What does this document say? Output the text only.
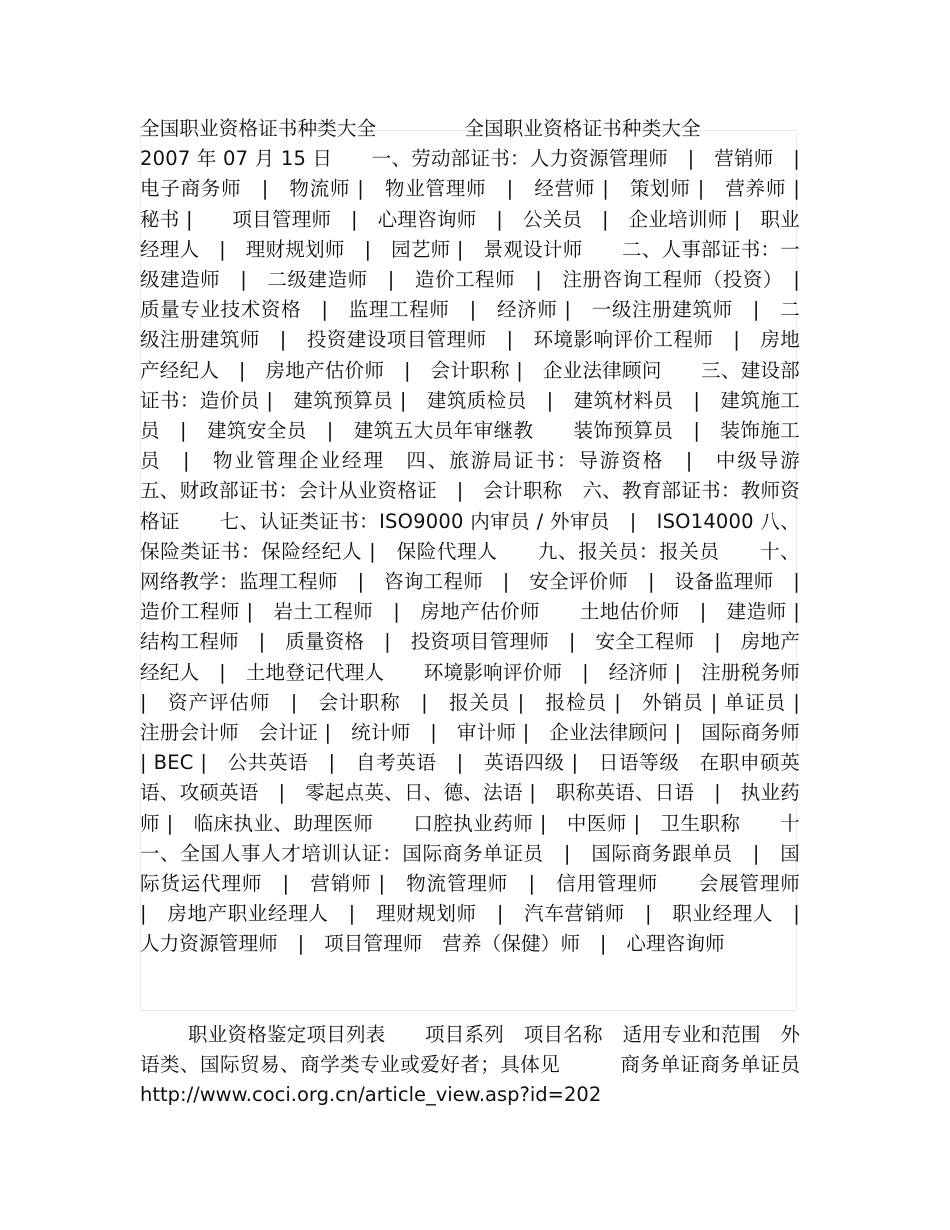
全国职业资格证书种类大全	全国职业资格证书种类大全

2007 年 07 月 15 日　　一、劳动部证书：人力资源管理师　|　营销师　|　电子商务师　|　物流师 |　物业管理师　|　经营师 |　策划师 |　营养师 |　秘书 |　　项目管理师　|　心理咨询师　|　公关员　|　企业培训师 |　职业经理人　|　理财规划师　|　园艺师 |　景观设计师　　二、人事部证书：一级建造师　|　二级建造师　|　造价工程师　|　注册咨询工程师（投资）　|　质量专业技术资格　|　监理工程师　|　经济师 |　一级注册建筑师　|　二级注册建筑师　|　投资建设项目管理师　|　环境影响评价工程师　|　房地产经纪人　|　房地产估价师　|　会计职称 |　企业法律顾问　　三、建设部证书：造价员 |　建筑预算员 |　建筑质检员　|　建筑材料员　|　建筑施工员　|　建筑安全员　|　建筑五大员年审继教　　装饰预算员　|　装饰施工员　|　物业管理企业经理　四、旅游局证书：导游资格　|　中级导游　　五、财政部证书：会计从业资格证　|　会计职称　六、教育部证书：教师资格证　　七、认证类证书：ISO9000 内审员 / 外审员　|　ISO14000 八、保险类证书：保险经纪人 |　保险代理人　　九、报关员：报关员　　十、网络教学：监理工程师　|　咨询工程师　|　安全评价师　|　设备监理师　|　造价工程师 |　岩土工程师　|　房地产估价师　　土地估价师　|　建造师 |　结构工程师　|　质量资格　|　投资项目管理师　|　安全工程师　|　房地产经纪人　|　土地登记代理人　　环境影响评价师　|　经济师 |　注册税务师　|　资产评估师　|　会计职称　|　报关员 |　报检员 |　外销员 | 单证员 |　注册会计师　会计证 |　统计师　|　审计师 |　企业法律顾问 |　国际商务师　| BEC |　公共英语　|　自考英语　|　英语四级 |　日语等级　在职申硕英语、攻硕英语　|　零起点英、日、德、法语 |　职称英语、日语　|　执业药师 |　临床执业、助理医师　　口腔执业药师 |　中医师 |　卫生职称　　十一、全国人事人才培训认证：国际商务单证员　|　国际商务跟单员　|　国际货运代理师　|　营销师 |　物流管理师　|　信用管理师　　会展管理师　|　房地产职业经理人　|　理财规划师　|　汽车营销师　|　职业经理人　|　人力资源管理师　|　项目管理师　营养（保健）师　|　心理咨询师

职业资格鉴定项目列表　　项目系列　项目名称　适用专业和范围　外语类、国际贸易、商学类专业或爱好者；具体见　　　商务单证商务单证员　　http://www.coci.org.cn/article_view.asp?id=202
